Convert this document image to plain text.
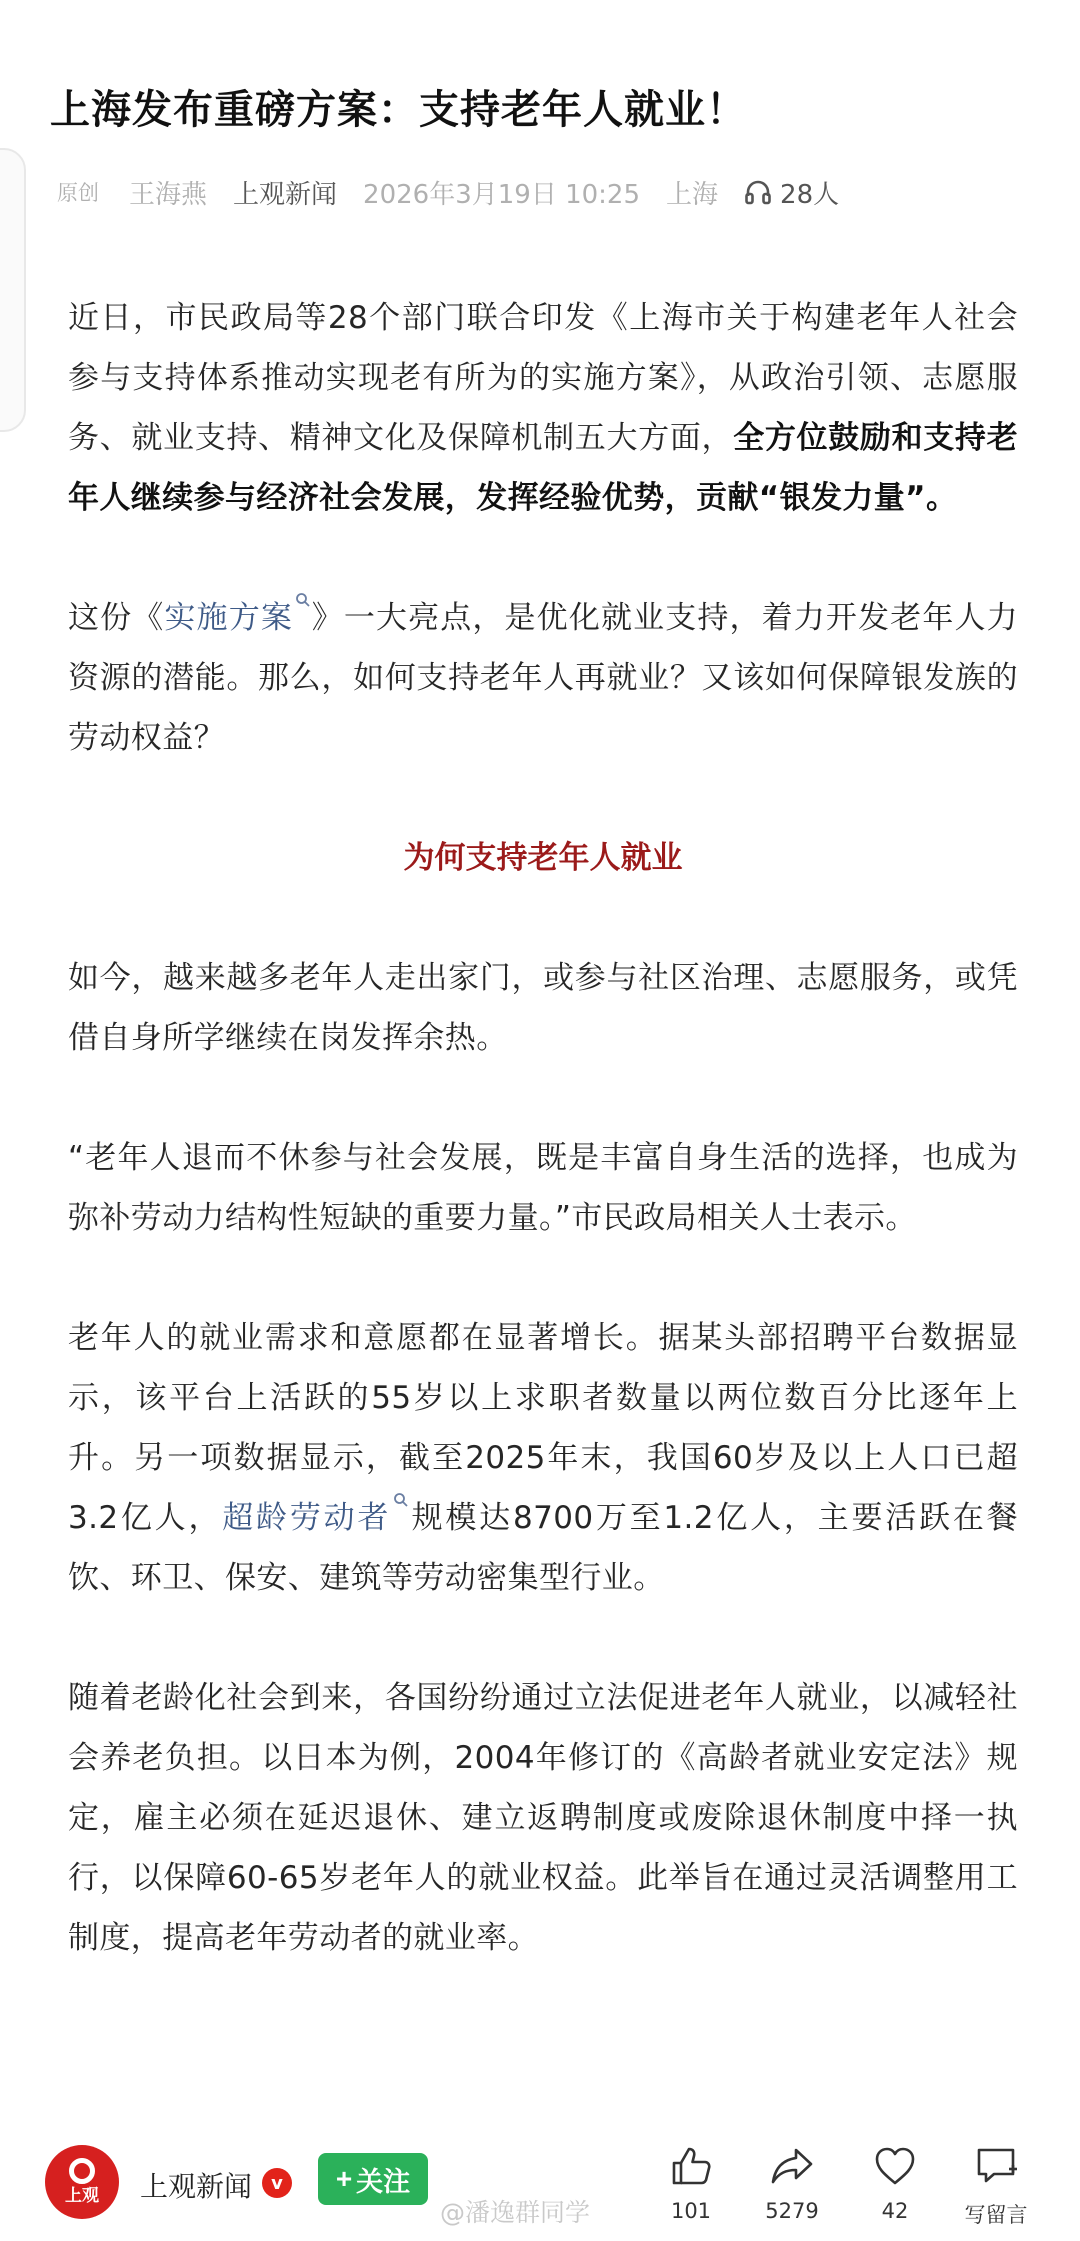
上海发布重磅方案：支持老年人就业！
原创 王海燕 上观新闻 2026年3月19日 10:25 上海 28人

近日，市民政局等28个部门联合印发《上海市关于构建老年人社会参与支持体系推动实现老有所为的实施方案》，从政治引领、志愿服务、就业支持、精神文化及保障机制五大方面，全方位鼓励和支持老年人继续参与经济社会发展，发挥经验优势，贡献“银发力量”。

这份《实施方案 》一大亮点，是优化就业支持，着力开发老年人力资源的潜能。那么，如何支持老年人再就业？又该如何保障银发族的劳动权益？

为何支持老年人就业

如今，越来越多老年人走出家门，或参与社区治理、志愿服务，或凭借自身所学继续在岗发挥余热。

“老年人退而不休参与社会发展，既是丰富自身生活的选择，也成为弥补劳动力结构性短缺的重要力量。”市民政局相关人士表示。

老年人的就业需求和意愿都在显著增长。据某头部招聘平台数据显示，该平台上活跃的55岁以上求职者数量以两位数百分比逐年上升。另一项数据显示，截至2025年末，我国60岁及以上人口已超3.2亿人，超龄劳动者 规模达8700万至1.2亿人，主要活跃在餐饮、环卫、保安、建筑等劳动密集型行业。

随着老龄化社会到来，各国纷纷通过立法促进老年人就业，以减轻社会养老负担。以日本为例，2004年修订的《高龄者就业安定法》规定，雇主必须在延迟退休、建立返聘制度或废除退休制度中择一执行，以保障60-65岁老年人的就业权益。此举旨在通过灵活调整用工制度，提高老年劳动者的就业率。

上观 上观新闻	v	+ 关注
@潘逸群同学	101	5279	42	写留言
